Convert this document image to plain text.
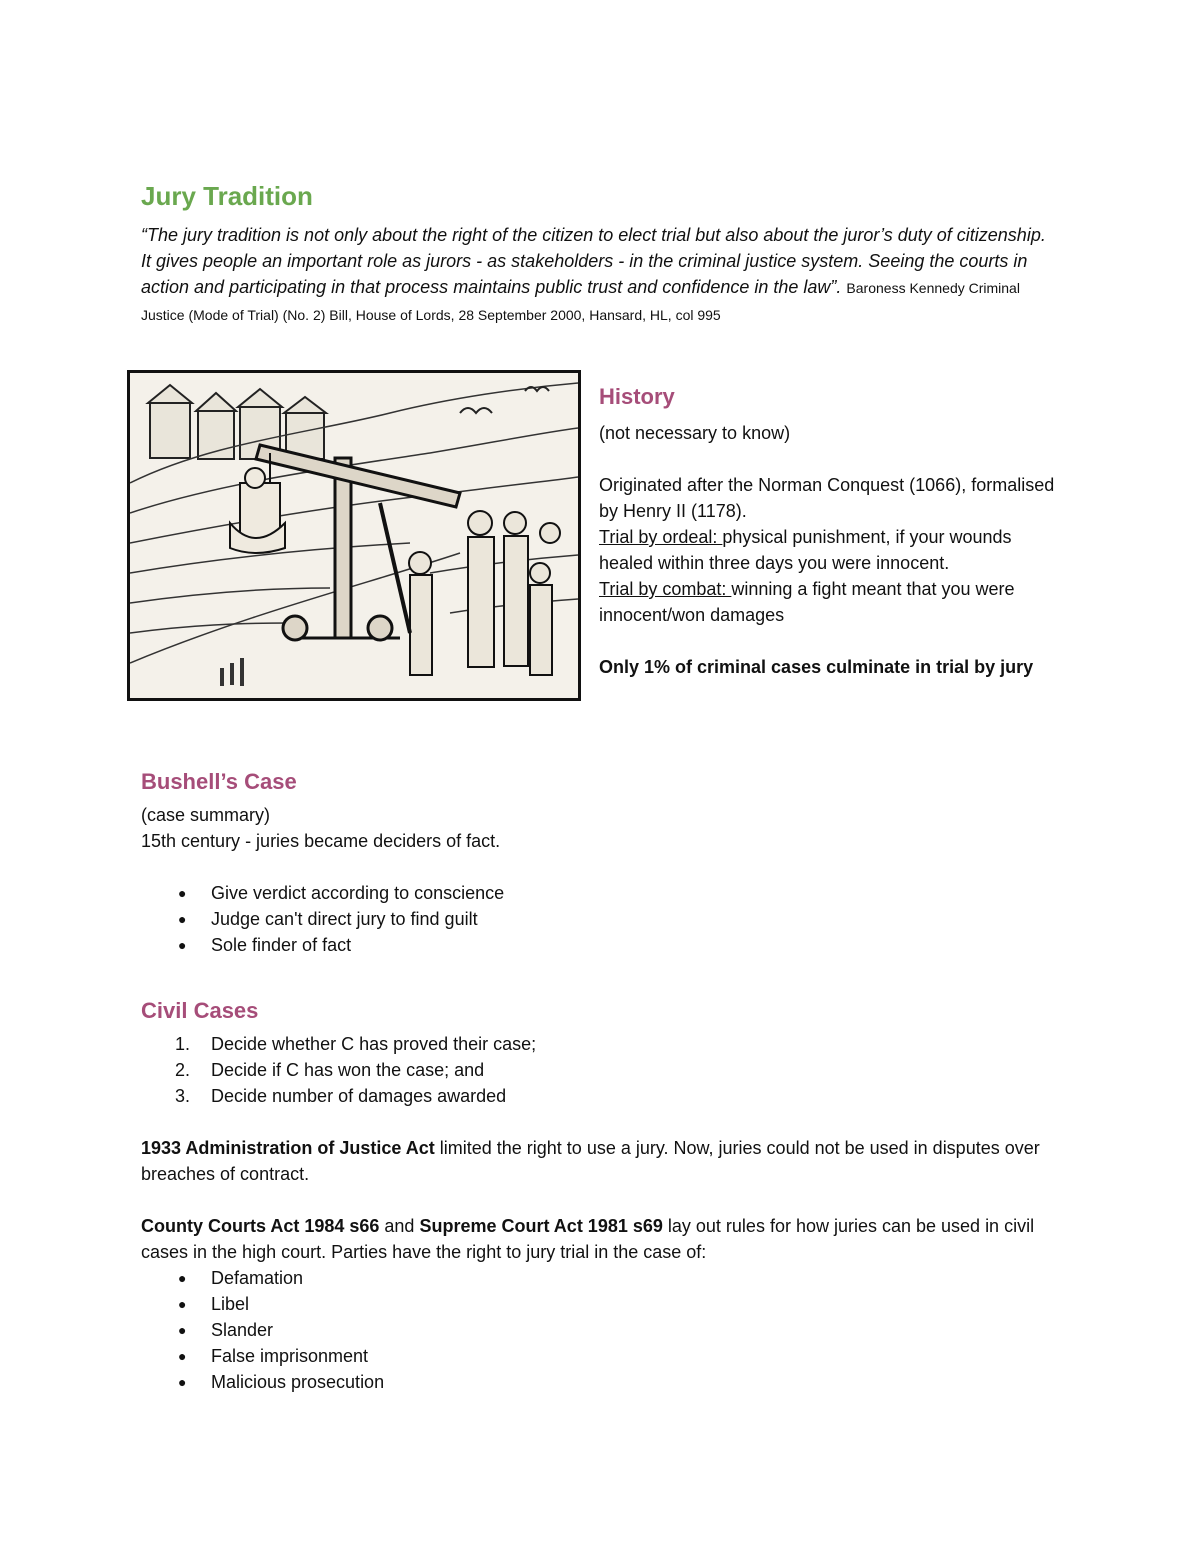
Jury Tradition

“The jury tradition is not only about the right of the citizen to elect trial but also about the juror’s duty of citizenship. It gives people an important role as jurors - as stakeholders - in the criminal justice system. Seeing the courts in action and participating in that process maintains public trust and confidence in the law”. Baroness Kennedy Criminal Justice (Mode of Trial) (No. 2) Bill, House of Lords, 28 September 2000, Hansard, HL, col 995

History

(not necessary to know)

Originated after the Norman Conquest (1066), formalised by Henry II (1178).

Trial by ordeal: physical punishment, if your wounds healed within three days you were innocent.

Trial by combat: winning a fight meant that you were innocent/won damages

Only 1% of criminal cases culminate in trial by jury

Bushell’s Case

(case summary)

15th century - juries became deciders of fact.

● Give verdict according to conscience
● Judge can't direct jury to find guilt
● Sole finder of fact
Civil Cases
1. Decide whether C has proved their case;
2. Decide if C has won the case; and
3. Decide number of damages awarded

1933 Administration of Justice Act limited the right to use a jury. Now, juries could not be used in disputes over breaches of contract.

County Courts Act 1984 s66 and Supreme Court Act 1981 s69 lay out rules for how juries can be used in civil cases in the high court. Parties have the right to jury trial in the case of:

● Defamation
● Libel
● Slander
● False imprisonment
● Malicious prosecution
